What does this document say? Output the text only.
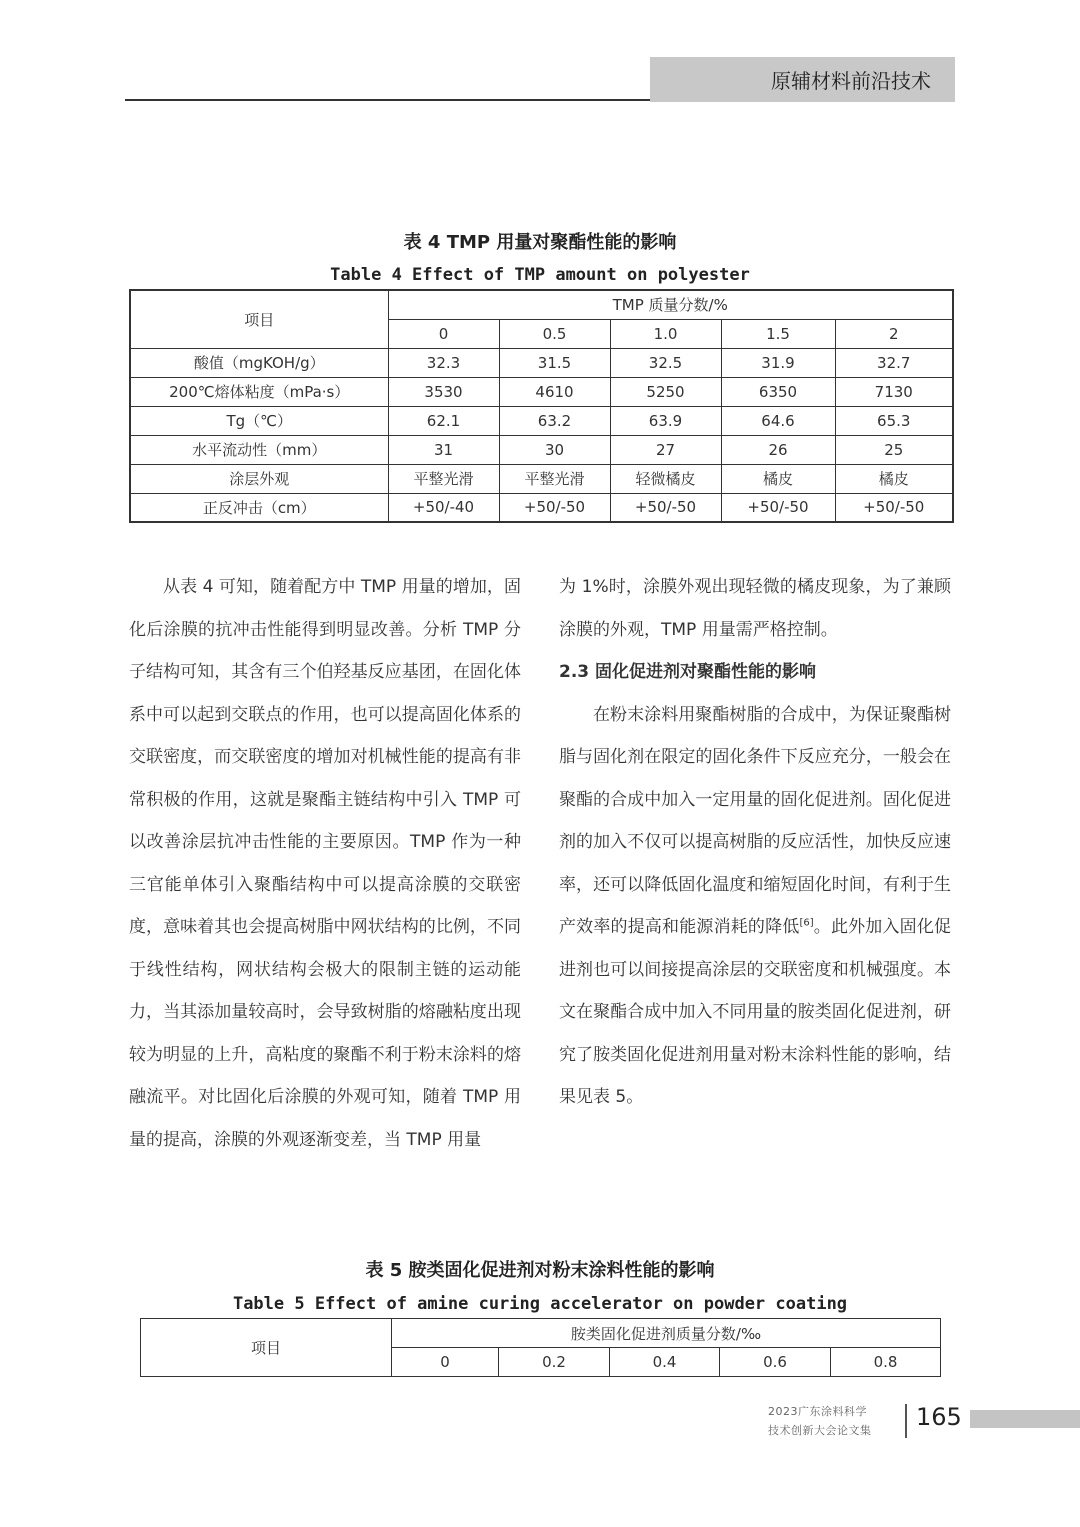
原辅材料前沿技术
表 4 TMP 用量对聚酯性能的影响
Table 4 Effect of TMP amount on polyester
项目	TMP 质量分数/%				
	0	0.5	1.0	1.5	2
酸值（mgKOH/g）	32.3	31.5	32.5	31.9	32.7
200℃熔体粘度（mPa·s）	3530	4610	5250	6350	7130
Tg（℃）	62.1	63.2	63.9	64.6	65.3
水平流动性（mm）	31	30	27	26	25
涂层外观	平整光滑	平整光滑	轻微橘皮	橘皮	橘皮
正反冲击（cm）	+50/-40	+50/-50	+50/-50	+50/-50	+50/-50

从表 4 可知，随着配方中 TMP 用量的增加，固化后涂膜的抗冲击性能得到明显改善。分析 TMP 分子结构可知，其含有三个伯羟基反应基团，在固化体系中可以起到交联点的作用，也可以提高固化体系的交联密度，而交联密度的增加对机械性能的提高有非常积极的作用，这就是聚酯主链结构中引入 TMP 可以改善涂层抗冲击性能的主要原因。TMP 作为一种三官能单体引入聚酯结构中可以提高涂膜的交联密度，意味着其也会提高树脂中网状结构的比例，不同于线性结构，网状结构会极大的限制主链的运动能力，当其添加量较高时，会导致树脂的熔融粘度出现较为明显的上升，高粘度的聚酯不利于粉末涂料的熔融流平。对比固化后涂膜的外观可知，随着 TMP 用量的提高，涂膜的外观逐渐变差，当 TMP 用量

为 1%时，涂膜外观出现轻微的橘皮现象，为了兼顾涂膜的外观，TMP 用量需严格控制。

2.3 固化促进剂对聚酯性能的影响

在粉末涂料用聚酯树脂的合成中，为保证聚酯树脂与固化剂在限定的固化条件下反应充分，一般会在聚酯的合成中加入一定用量的固化促进剂。固化促进剂的加入不仅可以提高树脂的反应活性，加快反应速率，还可以降低固化温度和缩短固化时间，有利于生产效率的提高和能源消耗的降低[6]。此外加入固化促进剂也可以间接提高涂层的交联密度和机械强度。本文在聚酯合成中加入不同用量的胺类固化促进剂，研究了胺类固化促进剂用量对粉末涂料性能的影响，结果见表 5。

表 5 胺类固化促进剂对粉末涂料性能的影响
Table 5 Effect of amine curing accelerator on powder coating
项目	胺类固化促进剂质量分数/‰				
	0	0.2	0.4	0.6	0.8
2023广东涂料科学
技术创新大会论文集	165
